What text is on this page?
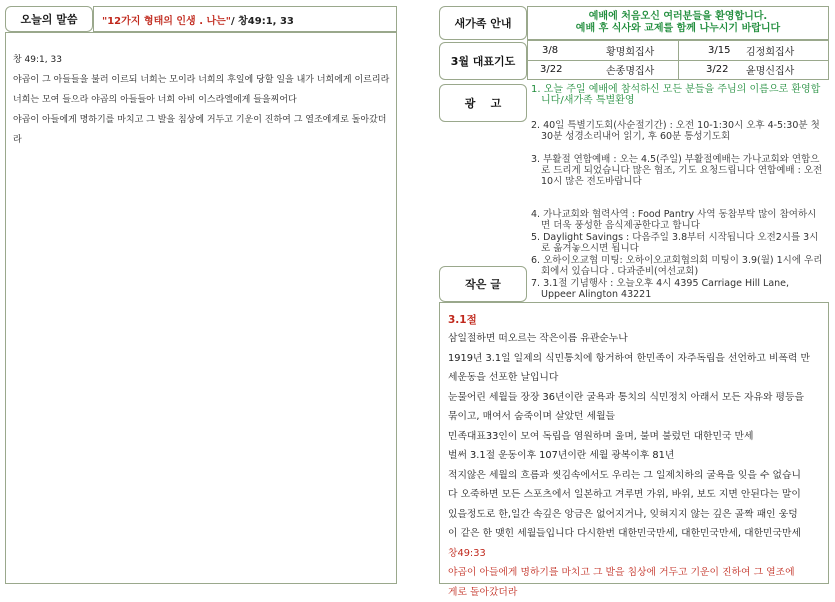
"12가지 형태의 인생 . 나는" / 창49:1, 33
오늘의 말씀
창 49:1, 33
야곱이 그 아들들을 불러 이르되 너희는 모이라 너희의 후일에 당할 일을 내가 너희에게 이르리라
너희는 모여 들으라 야곱의 아들들아 너희 아비 이스라엘에게 들을찌어다
야곱이 아들에게 명하기를 마치고 그 발을 침상에 거두고 기운이 진하여 그 열조에게로 돌아갔더라
새가족 안내
예배에 처음오신 여러분들을 환영합니다.
예배 후 식사와 교제를 함께 나누시기 바랍니다
3월 대표기도
3/8	황명희집사	3/15 김정희집사
3/22	손종명집사	3/22 윤명신집사
광    고
1. 오늘 주일 예배에 참석하신 모든 분들을 주님의 이름으로 환영합니다/새가족 특별환영
2. 40일 특별기도회(사순절기간) : 오전 10-1:30시 오후 4-5:30분 첫30분 성경소리내어 읽기, 후 60분 통성기도회
3. 부활절 연합예배 : 오는 4.5(주일) 부활절예배는 가나교회와 연합으로 드리게 되었습니다 많은 협조, 기도 요청드립니다 연합예배 : 오전10시 많은 전도바랍니다
4. 가나교회와 협력사역 : Food Pantry 사역 동참부탁 많이 참여하시면 더욱 풍성한 음식제공한다고 합니다
5. Daylight Savings : 다음주일 3.8부터 시작됩니다 오전2시를 3시로 옮겨놓으시면 됩니다
6. 오하이오교협 미팅: 오하이오교회협의회 미팅이 3.9(월) 1시에 우리회에서 있습니다 . 다과준비(여선교회)
7. 3.1절 기념행사 : 오늘오후 4시 4395 Carriage Hill Lane, Uppeer Alington 43221
작은 글
3.1절
삼일절하면 떠오르는 작은이름 유관순누나
1919년 3.1일 일제의 식민통치에 항거하여 한민족이 자주독립을 선언하고 비폭력 만
세운동을 선포한 날입니다
눈물어린 세월들 장장 36년이란 굴욕과 통치의 식민정치 아래서 모든 자유와 평등을
묶이고, 매여서 숨죽이며 살았던 세월들
민족대표33인이 모여 독립을 염원하며 울며, 불며 불렀던 대한민국 만세
벌써 3.1절 운동이후 107년이란 세월 광복이후 81년
적지않은 세월의 흐름과 씻김속에서도 우리는 그 일제치하의 굴욕을 잊을 수 없습니
다 오죽하면 모든 스포츠에서 일본하고 겨루면 가위, 바위, 보도 지면 안된다는 말이
있을정도로 한,일간 속깊은 앙금은 없어지거나, 잊혀지지 않는 깊은 골짝 패인 웅덩
이 같은 한 맺힌 세월들입니다 다시한번 대한민국만세, 대한민국만세, 대한민국만세
창49:33
야곱이 아들에게 명하기를 마치고 그 발을 침상에 거두고 기운이 진하여 그 열조에
게로 돌아갔더라
